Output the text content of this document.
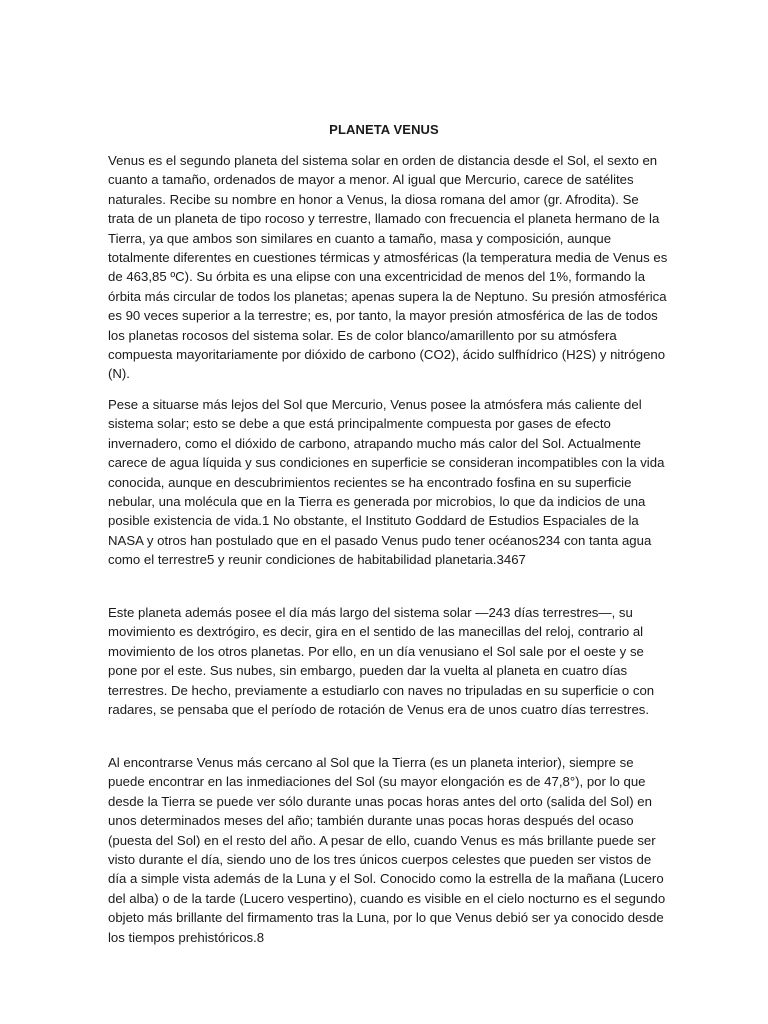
PLANETA VENUS

Venus es el segundo planeta del sistema solar en orden de distancia desde el Sol, el sexto en cuanto a tamaño, ordenados de mayor a menor. Al igual que Mercurio, carece de satélites naturales. Recibe su nombre en honor a Venus, la diosa romana del amor (gr. Afrodita). Se trata de un planeta de tipo rocoso y terrestre, llamado con frecuencia el planeta hermano de la Tierra, ya que ambos son similares en cuanto a tamaño, masa y composición, aunque totalmente diferentes en cuestiones térmicas y atmosféricas (la temperatura media de Venus es de 463,85 ºC). Su órbita es una elipse con una excentricidad de menos del 1%, formando la órbita más circular de todos los planetas; apenas supera la de Neptuno. Su presión atmosférica es 90 veces superior a la terrestre; es, por tanto, la mayor presión atmosférica de las de todos los planetas rocosos del sistema solar. Es de color blanco/amarillento por su atmósfera compuesta mayoritariamente por dióxido de carbono (CO2), ácido sulfhídrico (H2S) y nitrógeno (N).

Pese a situarse más lejos del Sol que Mercurio, Venus posee la atmósfera más caliente del sistema solar; esto se debe a que está principalmente compuesta por gases de efecto invernadero, como el dióxido de carbono, atrapando mucho más calor del Sol. Actualmente carece de agua líquida y sus condiciones en superficie se consideran incompatibles con la vida conocida, aunque en descubrimientos recientes se ha encontrado fosfina en su superficie nebular, una molécula que en la Tierra es generada por microbios, lo que da indicios de una posible existencia de vida.1 No obstante, el Instituto Goddard de Estudios Espaciales de la NASA y otros han postulado que en el pasado Venus pudo tener océanos234 con tanta agua como el terrestre5 y reunir condiciones de habitabilidad planetaria.3467

Este planeta además posee el día más largo del sistema solar —243 días terrestres—, su movimiento es dextrógiro, es decir, gira en el sentido de las manecillas del reloj, contrario al movimiento de los otros planetas. Por ello, en un día venusiano el Sol sale por el oeste y se pone por el este. Sus nubes, sin embargo, pueden dar la vuelta al planeta en cuatro días terrestres. De hecho, previamente a estudiarlo con naves no tripuladas en su superficie o con radares, se pensaba que el período de rotación de Venus era de unos cuatro días terrestres.

Al encontrarse Venus más cercano al Sol que la Tierra (es un planeta interior), siempre se puede encontrar en las inmediaciones del Sol (su mayor elongación es de 47,8°), por lo que desde la Tierra se puede ver sólo durante unas pocas horas antes del orto (salida del Sol) en unos determinados meses del año; también durante unas pocas horas después del ocaso (puesta del Sol) en el resto del año. A pesar de ello, cuando Venus es más brillante puede ser visto durante el día, siendo uno de los tres únicos cuerpos celestes que pueden ser vistos de día a simple vista además de la Luna y el Sol. Conocido como la estrella de la mañana (Lucero del alba) o de la tarde (Lucero vespertino), cuando es visible en el cielo nocturno es el segundo objeto más brillante del firmamento tras la Luna, por lo que Venus debió ser ya conocido desde los tiempos prehistóricos.8
